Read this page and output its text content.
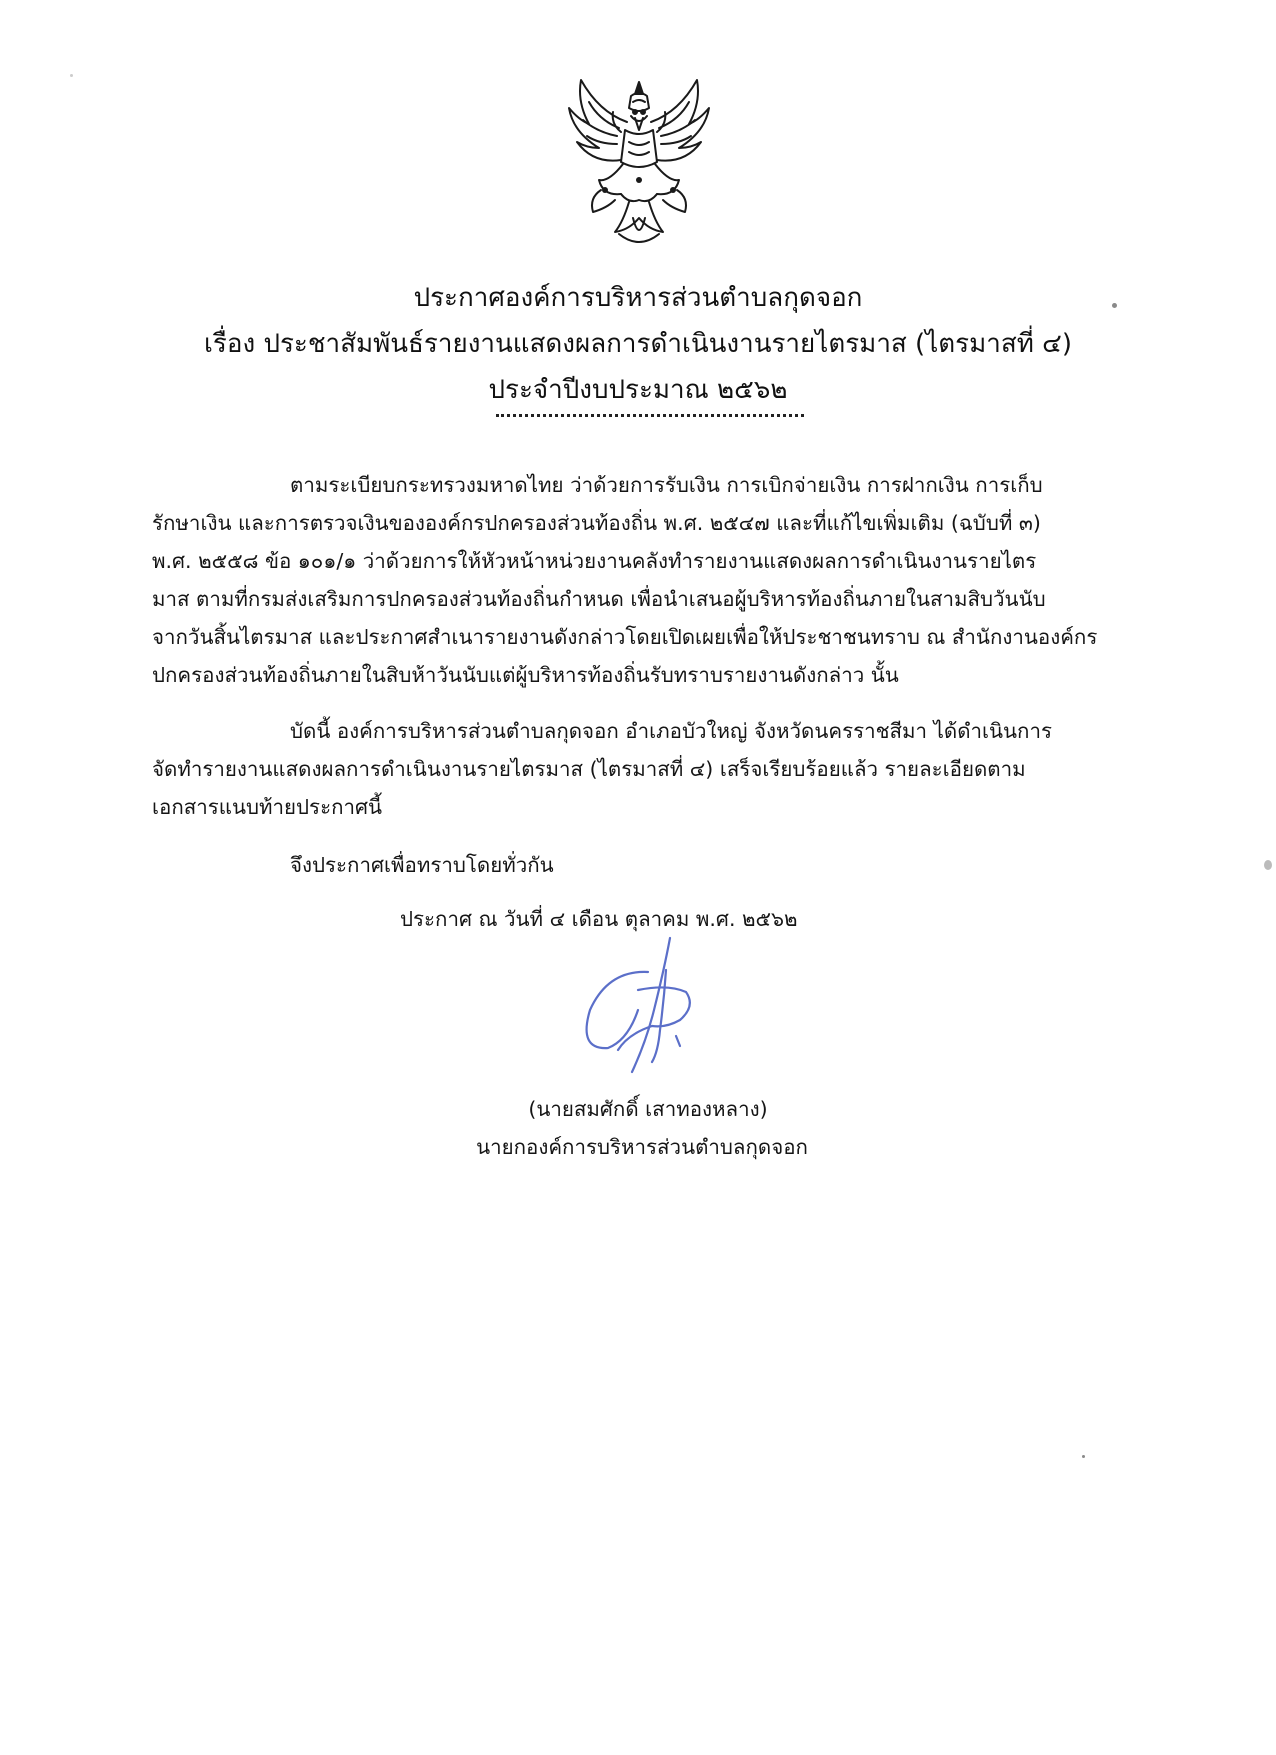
ประกาศองค์การบริหารส่วนตำบลกุดจอก
เรื่อง ประชาสัมพันธ์รายงานแสดงผลการดำเนินงานรายไตรมาส (ไตรมาสที่ ๔)
ประจำปีงบประมาณ ๒๕๖๒
ตามระเบียบกระทรวงมหาดไทย ว่าด้วยการรับเงิน การเบิกจ่ายเงิน การฝากเงิน การเก็บ
รักษาเงิน และการตรวจเงินขององค์กรปกครองส่วนท้องถิ่น พ.ศ. ๒๕๔๗ และที่แก้ไขเพิ่มเติม (ฉบับที่ ๓)
พ.ศ. ๒๕๕๘ ข้อ ๑๐๑/๑ ว่าด้วยการให้หัวหน้าหน่วยงานคลังทำรายงานแสดงผลการดำเนินงานรายไตร
มาส ตามที่กรมส่งเสริมการปกครองส่วนท้องถิ่นกำหนด เพื่อนำเสนอผู้บริหารท้องถิ่นภายในสามสิบวันนับ
จากวันสิ้นไตรมาส และประกาศสำเนารายงานดังกล่าวโดยเปิดเผยเพื่อให้ประชาชนทราบ ณ สำนักงานองค์กร
ปกครองส่วนท้องถิ่นภายในสิบห้าวันนับแต่ผู้บริหารท้องถิ่นรับทราบรายงานดังกล่าว นั้น
บัดนี้ องค์การบริหารส่วนตำบลกุดจอก อำเภอบัวใหญ่ จังหวัดนครราชสีมา ได้ดำเนินการ
จัดทำรายงานแสดงผลการดำเนินงานรายไตรมาส (ไตรมาสที่ ๔) เสร็จเรียบร้อยแล้ว รายละเอียดตาม
เอกสารแนบท้ายประกาศนี้
จึงประกาศเพื่อทราบโดยทั่วกัน
ประกาศ ณ วันที่ ๔ เดือน ตุลาคม พ.ศ. ๒๕๖๒
(นายสมศักดิ์ เสาทองหลาง)
นายกองค์การบริหารส่วนตำบลกุดจอก
